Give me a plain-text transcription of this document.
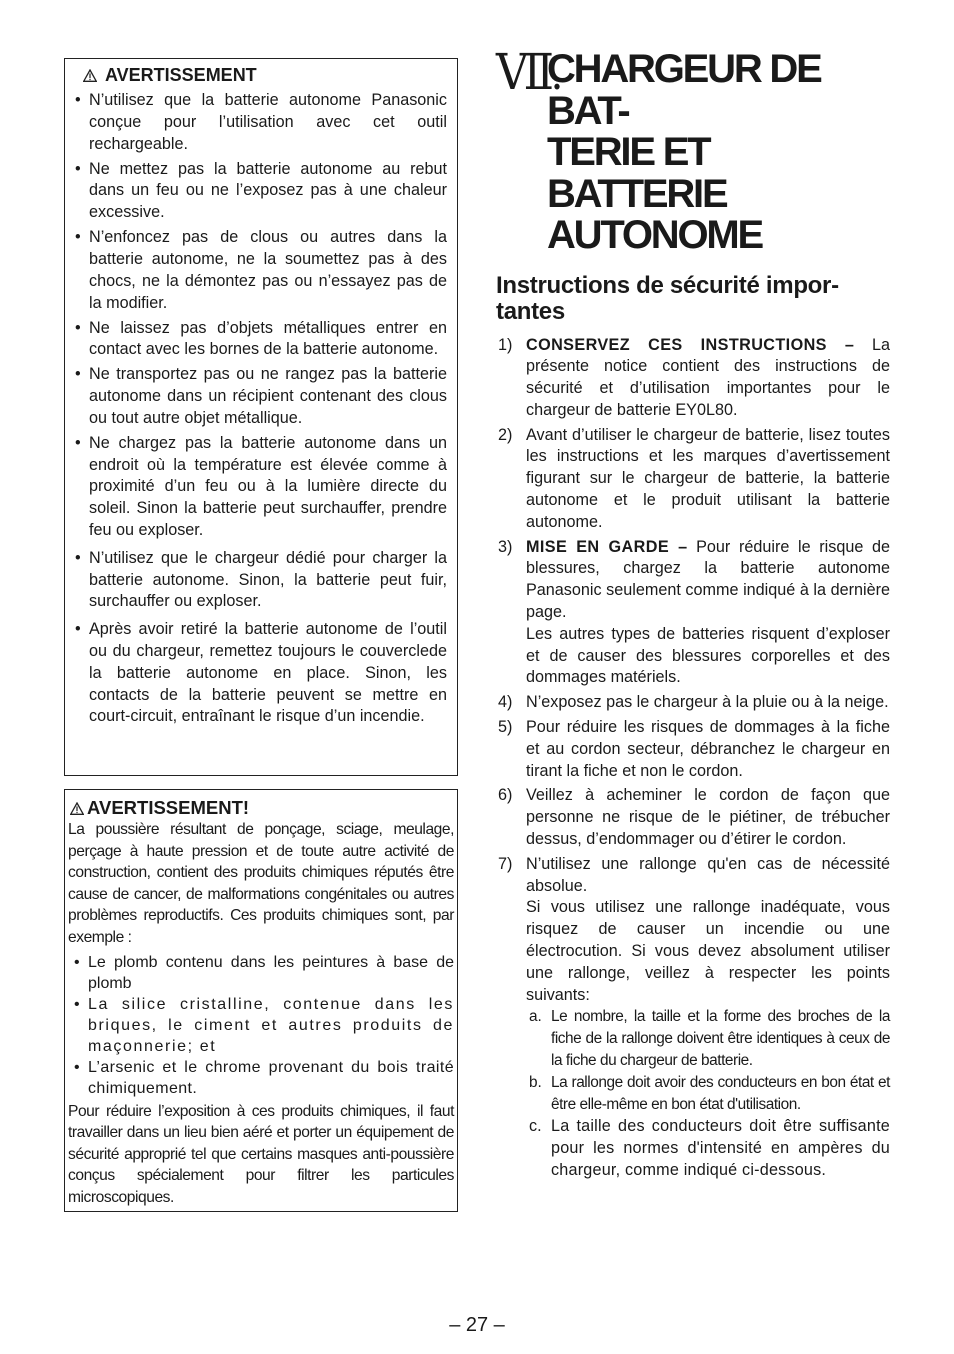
AVERTISSEMENT
• N’utilisez que la batterie autonome Panasonic conçue pour l’utilisation avec cet outil rechargeable.
• Ne mettez pas la batterie autonome au rebut dans un feu ou ne l’exposez pas à une chaleur excessive.
• N’enfoncez pas de clous ou autres dans la batterie autonome, ne la soumettez pas à des chocs, ne la démontez pas ou n’essayez pas de la modifier.
• Ne laissez pas d’objets métalliques entrer en contact avec les bornes de la batterie autonome.
• Ne transportez pas ou ne rangez pas la batterie autonome dans un récipient contenant des clous ou tout autre objet métallique.
• Ne chargez pas la batterie autonome dans un endroit où la température est élevée comme à proximité d’un feu ou à la lumière directe du soleil. Sinon la batterie peut surchauffer, prendre feu ou exploser.
• N’utilisez que le chargeur dédié pour charger la batterie autonome. Sinon, la batterie peut fuir, surchauffer ou exploser.
• Après avoir retiré la batterie autonome de l’outil ou du chargeur, remettez toujours le couverclede la batterie autonome en place. Sinon, les contacts de la batterie peuvent se mettre en court-circuit, entraînant le risque d’un incendie.
AVERTISSEMENT!

La poussière résultant de ponçage, sciage, meulage, perçage à haute pression et de toute autre activité de construction, contient des produits chimiques réputés être cause de cancer, de malformations congénitales ou autres problèmes reproductifs. Ces produits chimiques sont, par exemple :

• Le plomb contenu dans les peintures à base de plomb
• La silice cristalline, contenue dans les briques, le ciment et autres produits de maçonnerie; et
• L’arsenic et le chrome provenant du bois traité chimiquement.

Pour réduire l’exposition à ces produits chimiques, il faut travailler dans un lieu bien aéré et porter un équipement de sécurité approprié tel que certains masques anti-poussière conçus spécialement pour filtrer les particules microscopiques.

Ⅶ.
CHARGEUR DE BAT-
TERIE ET BATTERIE
AUTONOME
Instructions de sécurité impor-
tantes
1) CONSERVEZ CES INSTRUCTIONS – La présente notice contient des instructions de sécurité et d’utilisation importantes pour le chargeur de batterie EY0L80.
2) Avant d’utiliser le chargeur de batterie, lisez toutes les instructions et les marques d’avertissement figurant sur le chargeur de batterie, la batterie autonome et le produit utilisant la batterie autonome.
3) MISE EN GARDE – Pour réduire le risque de blessures, chargez la batterie autonome Panasonic seulement comme indiqué à la dernière page.

Les autres types de batteries risquent d’exploser et de causer des blessures corporelles et des dommages matériels.

4) N’exposez pas le chargeur à la pluie ou à la neige.
5) Pour réduire les risques de dommages à la fiche et au cordon secteur, débranchez le chargeur en tirant la fiche et non le cordon.
6) Veillez à acheminer le cordon de façon que personne ne risque de le piétiner, de trébucher dessus, d’endommager ou d’étirer le cordon.
7) N’utilisez une rallonge qu'en cas de nécessité absolue.

Si vous utilisez une rallonge inadéquate, vous risquez de causer un incendie ou une électrocution. Si vous devez absolument utiliser une rallonge, veillez à respecter les points suivants:

a. Le nombre, la taille et la forme des broches de la fiche de la rallonge doivent être identiques à ceux de la fiche du chargeur de batterie.
b. La rallonge doit avoir des conducteurs en bon état et être elle-même en bon état d'utilisation.
c. La taille des conducteurs doit être suffisante pour les normes d'intensité en ampères du chargeur, comme indiqué ci-dessous.
– 27 –
